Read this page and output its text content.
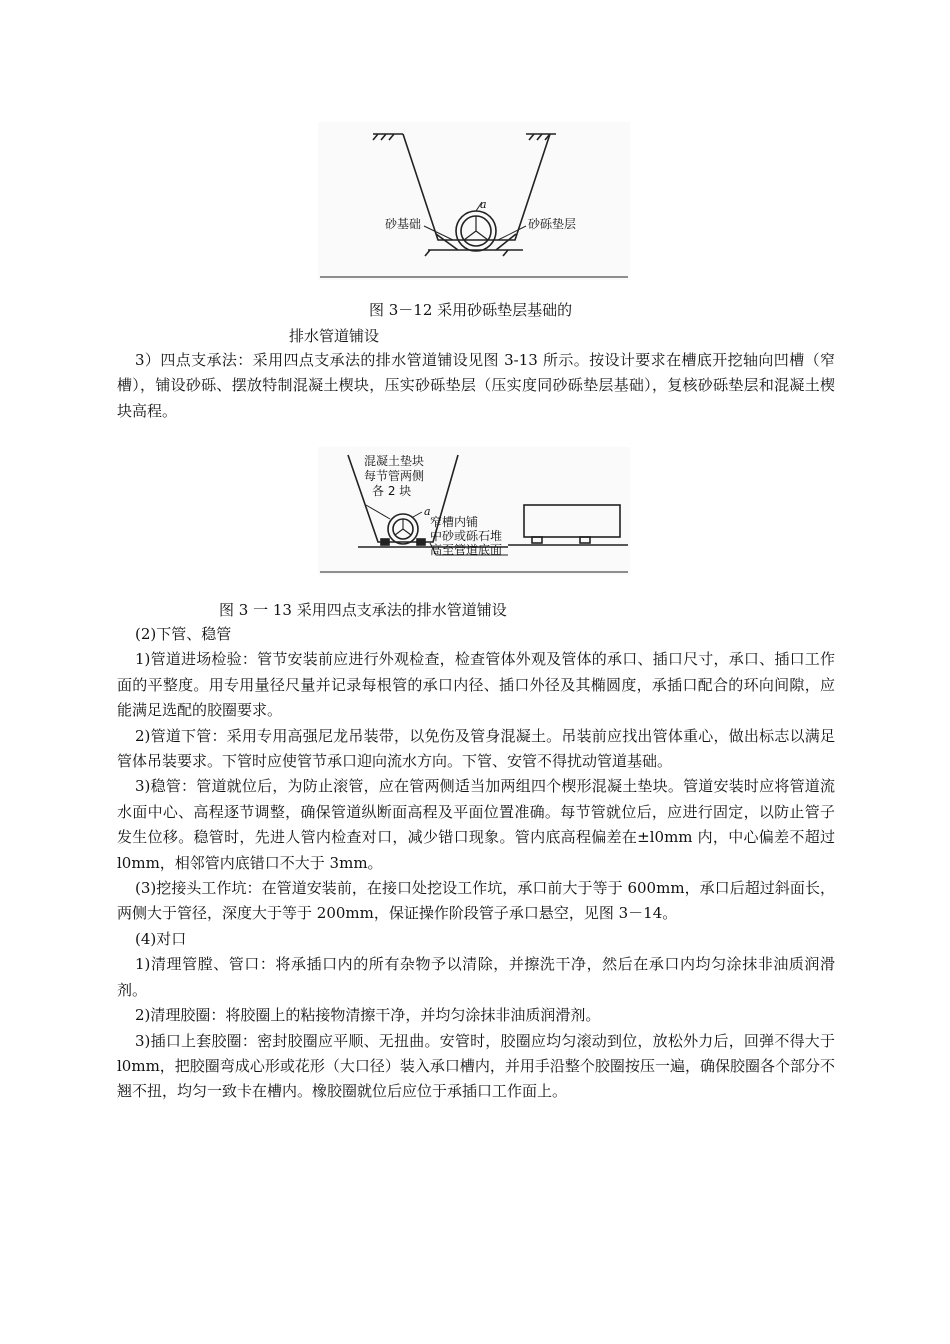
砂基础	砂砾垫层
a
图 3－12 采用砂砾垫层基础的
排水管道铺设

3）四点支承法：采用四点支承法的排水管道铺设见图 3-13 所示。按设计要求在槽底开挖轴向凹槽（窄槽），铺设砂砾、摆放特制混凝土楔块，压实砂砾垫层（压实度同砂砾垫层基础），复核砂砾垫层和混凝土楔块高程。

混凝土垫块
每节管两侧
各 2 块
a
窄槽内铺
中砂或砾石堆
高至管道底面
图 3 一 13 采用四点支承法的排水管道铺设

(2)下管、稳管

1)管道进场检验：管节安装前应进行外观检查，检查管体外观及管体的承口、插口尺寸，承口、插口工作面的平整度。用专用量径尺量并记录每根管的承口内径、插口外径及其椭圆度，承插口配合的环向间隙，应能满足选配的胶圈要求。

2)管道下管：采用专用高强尼龙吊装带，以免伤及管身混凝土。吊装前应找出管体重心，做出标志以满足管体吊装要求。下管时应使管节承口迎向流水方向。下管、安管不得扰动管道基础。

3)稳管：管道就位后，为防止滚管，应在管两侧适当加两组四个楔形混凝土垫块。管道安装时应将管道流水面中心、高程逐节调整，确保管道纵断面高程及平面位置准确。每节管就位后，应进行固定，以防止管子发生位移。稳管时，先进人管内检查对口，减少错口现象。管内底高程偏差在±l0mm 内，中心偏差不超过 l0mm，相邻管内底错口不大于 3mm。

(3)挖接头工作坑：在管道安装前，在接口处挖设工作坑，承口前大于等于 600mm，承口后超过斜面长，两侧大于管径，深度大于等于 200mm，保证操作阶段管子承口悬空，见图 3－14。

(4)对口

1)清理管膛、管口：将承插口内的所有杂物予以清除，并擦洗干净，然后在承口内均匀涂抹非油质润滑剂。

2)清理胶圈：将胶圈上的粘接物清擦干净，并均匀涂抹非油质润滑剂。

3)插口上套胶圈：密封胶圈应平顺、无扭曲。安管时，胶圈应均匀滚动到位，放松外力后，回弹不得大于 l0mm，把胶圈弯成心形或花形（大口径）装入承口槽内，并用手沿整个胶圈按压一遍，确保胶圈各个部分不翘不扭，均匀一致卡在槽内。橡胶圈就位后应位于承插口工作面上。
